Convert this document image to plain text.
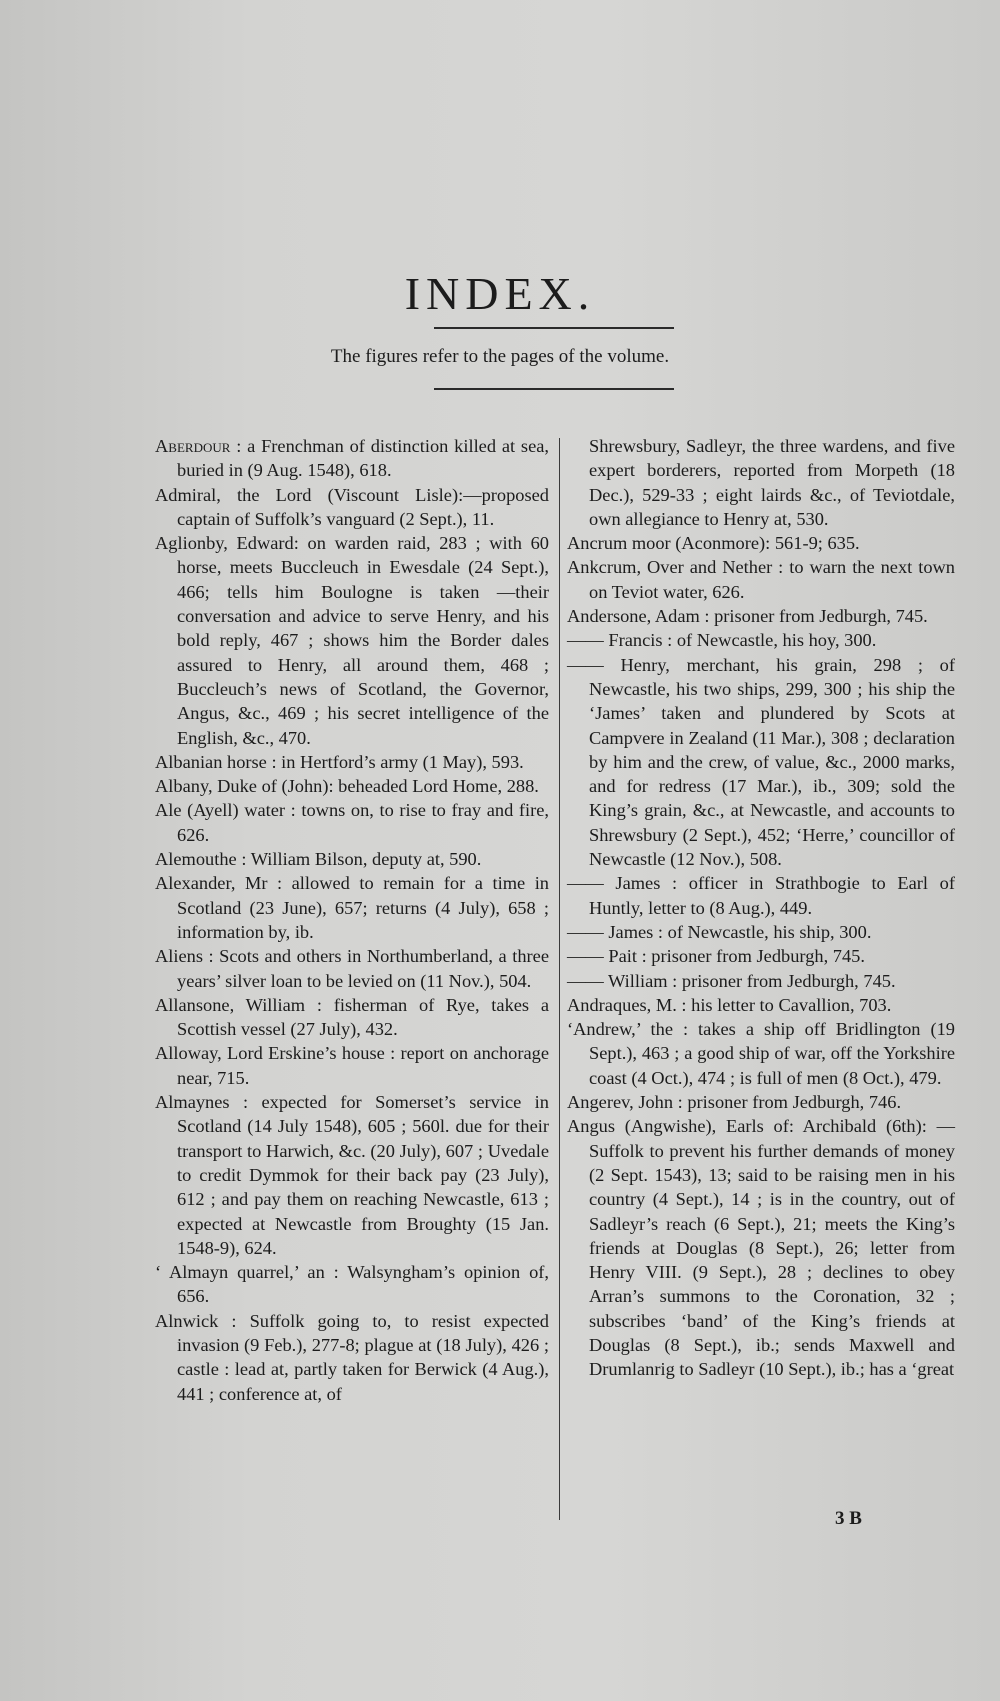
INDEX.
The figures refer to the pages of the volume.

Aberdour : a Frenchman of distinction killed at sea, buried in (9 Aug. 1548), 618.

Admiral, the Lord (Viscount Lisle):—proposed captain of Suffolk’s vanguard (2 Sept.), 11.

Aglionby, Edward: on warden raid, 283 ; with 60 horse, meets Buccleuch in Ewesdale (24 Sept.), 466; tells him Boulogne is taken —their conversation and advice to serve Henry, and his bold reply, 467 ; shows him the Border dales assured to Henry, all around them, 468 ; Buccleuch’s news of Scotland, the Governor, Angus, &c., 469 ; his secret intelligence of the English, &c., 470.

Albanian horse : in Hertford’s army (1 May), 593.

Albany, Duke of (John): beheaded Lord Home, 288.

Ale (Ayell) water : towns on, to rise to fray and fire, 626.

Alemouthe : William Bilson, deputy at, 590.

Alexander, Mr : allowed to remain for a time in Scotland (23 June), 657; returns (4 July), 658 ; information by, ib.

Aliens : Scots and others in Northumberland, a three years’ silver loan to be levied on (11 Nov.), 504.

Allansone, William : fisherman of Rye, takes a Scottish vessel (27 July), 432.

Alloway, Lord Erskine’s house : report on anchorage near, 715.

Almaynes : expected for Somerset’s service in Scotland (14 July 1548), 605 ; 560l. due for their transport to Harwich, &c. (20 July), 607 ; Uvedale to credit Dymmok for their back pay (23 July), 612 ; and pay them on reaching Newcastle, 613 ; expected at Newcastle from Broughty (15 Jan. 1548-9), 624.

‘ Almayn quarrel,’ an : Walsyngham’s opinion of, 656.

Alnwick : Suffolk going to, to resist expected invasion (9 Feb.), 277-8; plague at (18 July), 426 ; castle : lead at, partly taken for Berwick (4 Aug.), 441 ; conference at, of

Shrewsbury, Sadleyr, the three wardens, and five expert borderers, reported from Morpeth (18 Dec.), 529-33 ; eight lairds &c., of Teviotdale, own allegiance to Henry at, 530.

Ancrum moor (Aconmore): 561-9; 635.

Ankcrum, Over and Nether : to warn the next town on Teviot water, 626.

Andersone, Adam : prisoner from Jedburgh, 745.

—— Francis : of Newcastle, his hoy, 300.

—— Henry, merchant, his grain, 298 ; of Newcastle, his two ships, 299, 300 ; his ship the ‘James’ taken and plundered by Scots at Campvere in Zealand (11 Mar.), 308 ; declaration by him and the crew, of value, &c., 2000 marks, and for redress (17 Mar.), ib., 309; sold the King’s grain, &c., at Newcastle, and accounts to Shrewsbury (2 Sept.), 452; ‘Herre,’ councillor of Newcastle (12 Nov.), 508.

—— James : officer in Strathbogie to Earl of Huntly, letter to (8 Aug.), 449.

—— James : of Newcastle, his ship, 300.

—— Pait : prisoner from Jedburgh, 745.

—— William : prisoner from Jedburgh, 745.

Andraques, M. : his letter to Cavallion, 703.

‘Andrew,’ the : takes a ship off Bridlington (19 Sept.), 463 ; a good ship of war, off the Yorkshire coast (4 Oct.), 474 ; is full of men (8 Oct.), 479.

Angerev, John : prisoner from Jedburgh, 746.

Angus (Angwishe), Earls of: Archibald (6th): —Suffolk to prevent his further demands of money (2 Sept. 1543), 13; said to be raising men in his country (4 Sept.), 14 ; is in the country, out of Sadleyr’s reach (6 Sept.), 21; meets the King’s friends at Douglas (8 Sept.), 26; letter from Henry VIII. (9 Sept.), 28 ; declines to obey Arran’s summons to the Coronation, 32 ; subscribes ‘band’ of the King’s friends at Douglas (8 Sept.), ib.; sends Maxwell and Drumlanrig to Sadleyr (10 Sept.), ib.; has a ‘great

3 B
